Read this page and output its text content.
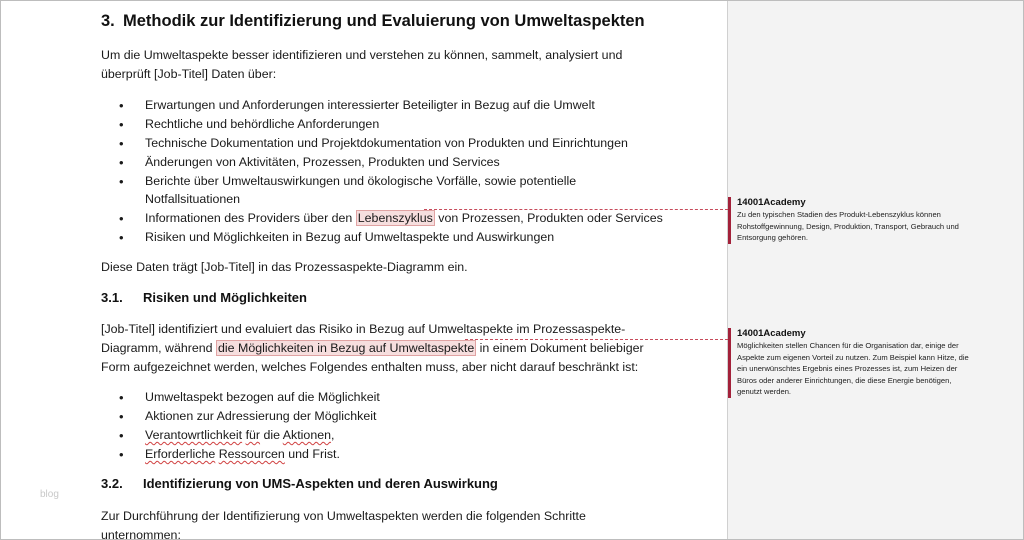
3. Methodik zur Identifizierung und Evaluierung von Umweltaspekten
Um die Umweltaspekte besser identifizieren und verstehen zu können, sammelt, analysiert und
überprüft [Job-Titel] Daten über:
• Erwartungen und Anforderungen interessierter Beteiligter in Bezug auf die Umwelt
• Rechtliche und behördliche Anforderungen
• Technische Dokumentation und Projektdokumentation von Produkten und Einrichtungen
• Änderungen von Aktivitäten, Prozessen, Produkten und Services
• Berichte über Umweltauswirkungen und ökologische Vorfälle, sowie potentielle
Notfallsituationen
• Informationen des Providers über den Lebenszyklus von Prozessen, Produkten oder Services
• Risiken und Möglichkeiten in Bezug auf Umweltaspekte und Auswirkungen
Diese Daten trägt [Job-Titel] in das Prozessaspekte-Diagramm ein.
3.1. Risiken und Möglichkeiten
[Job-Titel] identifiziert und evaluiert das Risiko in Bezug auf Umweltaspekte im Prozessaspekte-
Diagramm, während die Möglichkeiten in Bezug auf Umweltaspekte in einem Dokument beliebiger
Form aufgezeichnet werden, welches Folgendes enthalten muss, aber nicht darauf beschränkt ist:
• Umweltaspekt bezogen auf die Möglichkeit
• Aktionen zur Adressierung der Möglichkeit
• Verantowrtlichkeit für die Aktionen,
• Erforderliche Ressourcen und Frist.
3.2. Identifizierung von UMS-Aspekten und deren Auswirkung
Zur Durchführung der Identifizierung von Umweltaspekten werden die folgenden Schritte
unternommen:
blog
14001Academy
Zu den typischen Stadien des Produkt-Lebenszyklus können
Rohstoffgewinnung, Design, Produktion, Transport, Gebrauch und
Entsorgung gehören.
14001Academy
Möglichkeiten stellen Chancen für die Organisation dar, einige der
Aspekte zum eigenen Vorteil zu nutzen. Zum Beispiel kann Hitze, die
ein unerwünschtes Ergebnis eines Prozesses ist, zum Heizen der
Büros oder anderer Einrichtungen, die diese Energie benötigen,
genutzt werden.
